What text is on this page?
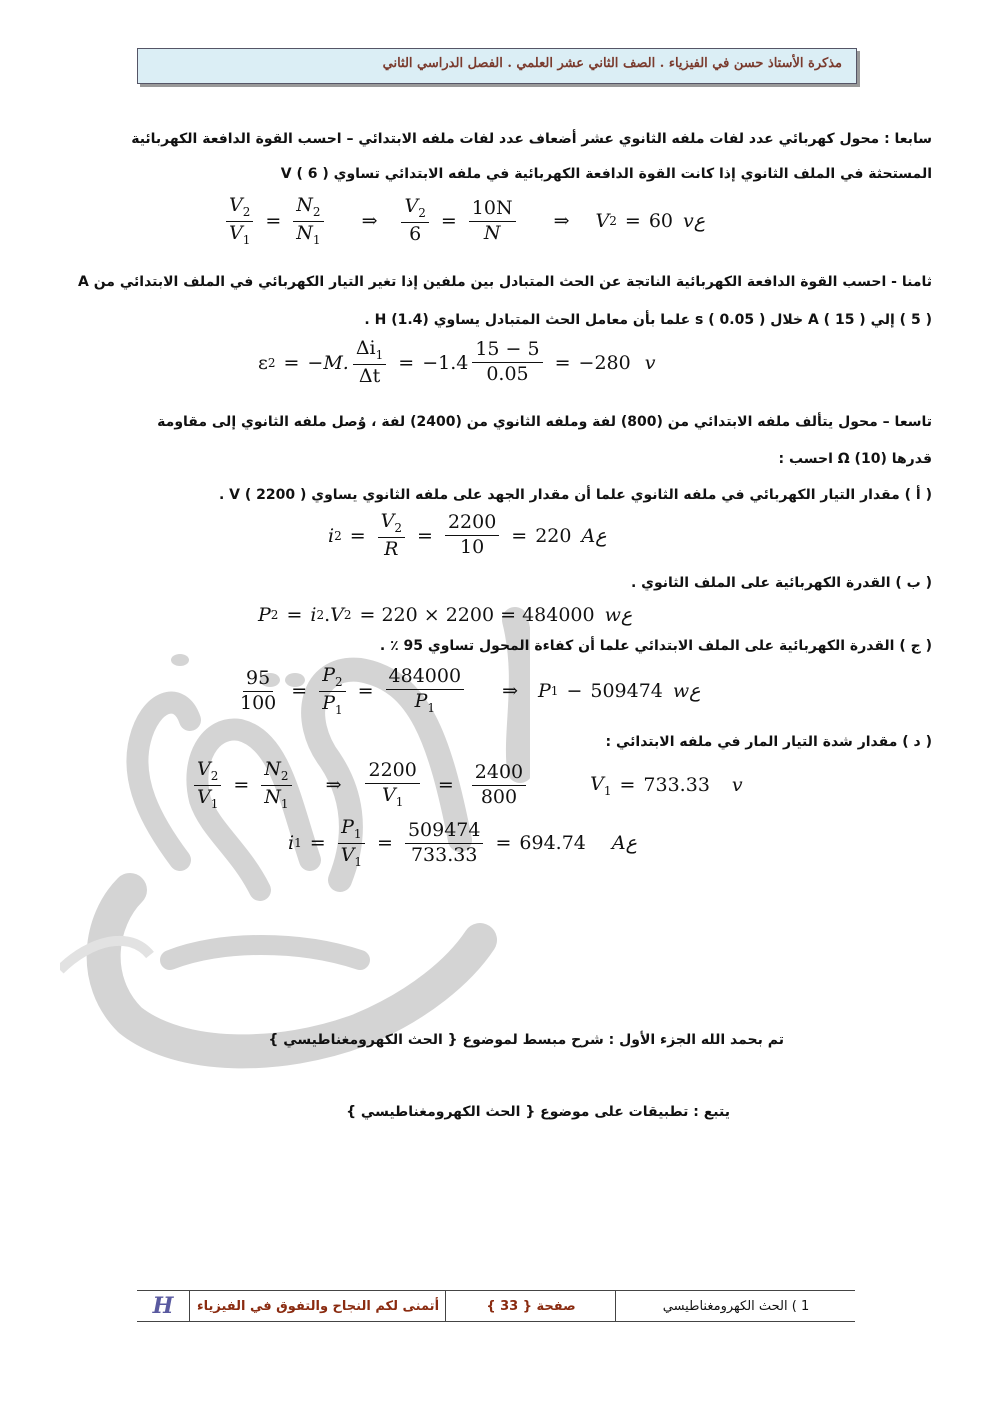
مذكرة الأستاذ حسن في الفيزياء . الصف الثاني عشر العلمي . الفصل الدراسي الثاني
سابعا : محول كهربائي عدد لفات ملفه الثانوي عشر أضعاف عدد لفات ملفه الابتدائي – احسب القوة الدافعة الكهربائية
المستحثة في الملف الثانوي إذا كانت القوة الدافعة الكهربائية في ملفه الابتدائي تساوي V ( 6 )
$\frac{V_2}{V_1} = \frac{N_2}{N_1}$ ⇒ $\frac{V_2}{6} = \frac{10N}{N}$ ⇒ V 2 = 60 vع
ثامنا - احسب القوة الدافعة الكهربائية الناتجة عن الحث المتبادل بين ملفين إذا تغير التيار الكهربائي في الملف الابتدائي من A
( 5 ) إلي A ( 15 ) خلال s ( 0.05 ) علما بأن معامل الحث المتبادل يساوي H (1.4) .
ε 2 = −M. $\frac{\Delta i_1}{\Delta t} = -1.4 \frac{15 - 5}{0.05} = -280$ v
تاسعا – محول يتألف ملفه الابتدائي من (800) لفة وملفه الثانوي من (2400) لفة ، وُصل ملفه الثانوي إلى مقاومة
قدرها Ω (10) احسب :
( أ ) مقدار التيار الكهربائي في ملفه الثانوي علما أن مقدار الجهد على ملفه الثانوي يساوي V ( 2200 ) .
i $2 = \frac{V_2}{R} = \frac{2200}{10} = 220$ Aع
( ب ) القدرة الكهربائية على الملف الثانوي .
P 2 = i 2 . V 2 = 220 × 2200 = 484000 wع
( ج ) القدرة الكهربائية على الملف الابتدائي علما أن كفاءة المحول تساوي 95 ٪ .
$\frac{95}{100} = \frac{P_2}{P_1} = \frac{484000}{P_1}$ ⇒ P 1 − 509474 wع
( د ) مقدار شدة التيار المار في ملفه الابتدائي :
$\frac{V_2}{V_1} = \frac{N_2}{N_1}$ ⇒ $\frac{2200}{V_1} = \frac{2400}{800}$	$V_1 = 733.33$ v
i $1 = \frac{P_1}{V_1} = \frac{509474}{733.33} = 694.74$ Aع
تم بحمد الله الجزء الأول : شرح مبسط لموضوع { الحث الكهرومغناطيسي }
يتبع : تطبيقات على موضوع { الحث الكهرومغناطيسي }
H أتمنى لكم النجاح والتفوق في الفيزياء	صفحة { 33 }	1 ) الحث الكهرومغناطيسي
